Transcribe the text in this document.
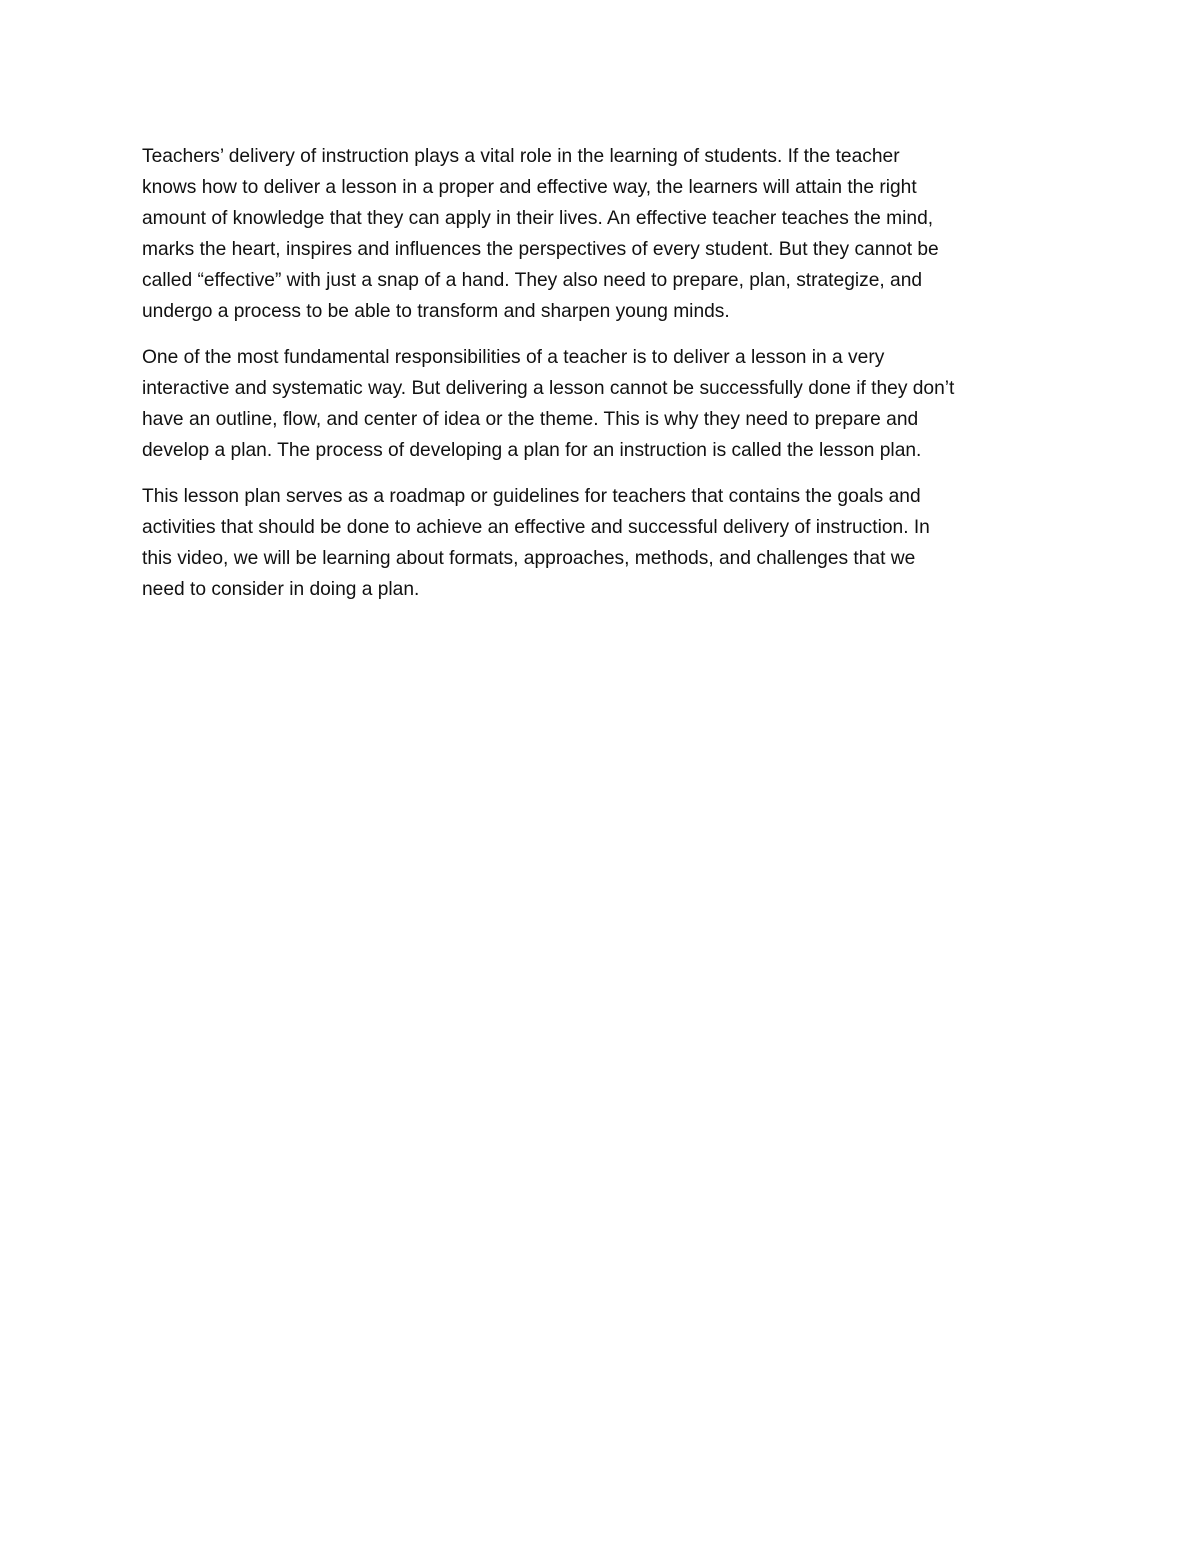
Teachers’ delivery of instruction plays a vital role in the learning of students. If the teacher
knows how to deliver a lesson in a proper and effective way, the learners will attain the right
amount of knowledge that they can apply in their lives. An effective teacher teaches the mind,
marks the heart, inspires and influences the perspectives of every student. But they cannot be
called “effective” with just a snap of a hand. They also need to prepare, plan, strategize, and
undergo a process to be able to transform and sharpen young minds.

One of the most fundamental responsibilities of a teacher is to deliver a lesson in a very
interactive and systematic way. But delivering a lesson cannot be successfully done if they don’t
have an outline, flow, and center of idea or the theme. This is why they need to prepare and
develop a plan. The process of developing a plan for an instruction is called the lesson plan.

This lesson plan serves as a roadmap or guidelines for teachers that contains the goals and
activities that should be done to achieve an effective and successful delivery of instruction. In
this video, we will be learning about formats, approaches, methods, and challenges that we
need to consider in doing a plan.
